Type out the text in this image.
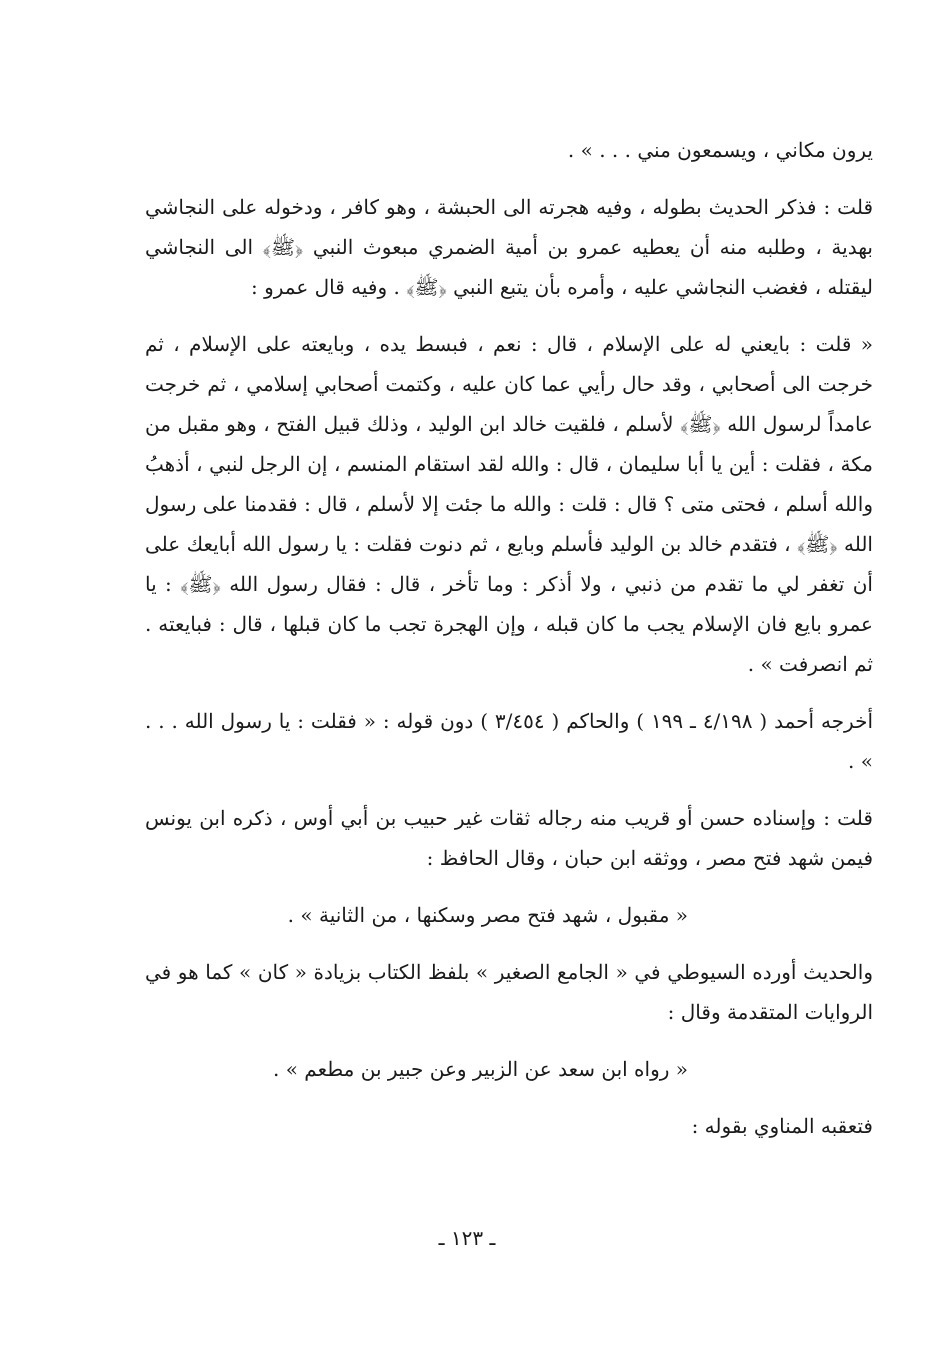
يرون مكاني ، ويسمعون مني . . . » .

قلت : فذكر الحديث بطوله ، وفيه هجرته الى الحبشة ، وهو كافر ، ودخوله على النجاشي بهدية ، وطلبه منه أن يعطيه عمرو بن أمية الضمري مبعوث النبي ﴿ﷺ﴾ الى النجاشي ليقتله ، فغضب النجاشي عليه ، وأمره بأن يتبع النبي ﴿ﷺ﴾ . وفيه قال عمرو :

« قلت : بايعني له على الإسلام ، قال : نعم ، فبسط يده ، وبايعته على الإسلام ، ثم خرجت الى أصحابي ، وقد حال رأيي عما كان عليه ، وكتمت أصحابي إسلامي ، ثم خرجت عامداً لرسول الله ﴿ﷺ﴾ لأسلم ، فلقيت خالد ابن الوليد ، وذلك قبيل الفتح ، وهو مقبل من مكة ، فقلت : أين يا أبا سليمان ، قال : والله لقد استقام المنسم ، إن الرجل لنبي ، أذهبُ والله أسلم ، فحتى متى ؟ قال : قلت : والله ما جئت إلا لأسلم ، قال : فقدمنا على رسول الله ﴿ﷺ﴾ ، فتقدم خالد بن الوليد فأسلم وبايع ، ثم دنوت فقلت : يا رسول الله أبايعك على أن تغفر لي ما تقدم من ذنبي ، ولا أذكر : وما تأخر ، قال : فقال رسول الله ﴿ﷺ﴾ : يا عمرو بايع فان الإسلام يجب ما كان قبله ، وإن الهجرة تجب ما كان قبلها ، قال : فبايعته . ثم انصرفت » .

أخرجه أحمد ( ٤/١٩٨ ـ ١٩٩ ) والحاكم ( ٣/٤٥٤ ) دون قوله : « فقلت : يا رسول الله . . . » .

قلت : وإسناده حسن أو قريب منه رجاله ثقات غير حبيب بن أبي أوس ، ذكره ابن يونس فيمن شهد فتح مصر ، ووثقه ابن حبان ، وقال الحافظ :

« مقبول ، شهد فتح مصر وسكنها ، من الثانية » .

والحديث أورده السيوطي في « الجامع الصغير » بلفظ الكتاب بزيادة « كان » كما هو في الروايات المتقدمة وقال :

« رواه ابن سعد عن الزبير وعن جبير بن مطعم » .

فتعقبه المناوي بقوله :

ـ ١٢٣ ـ
